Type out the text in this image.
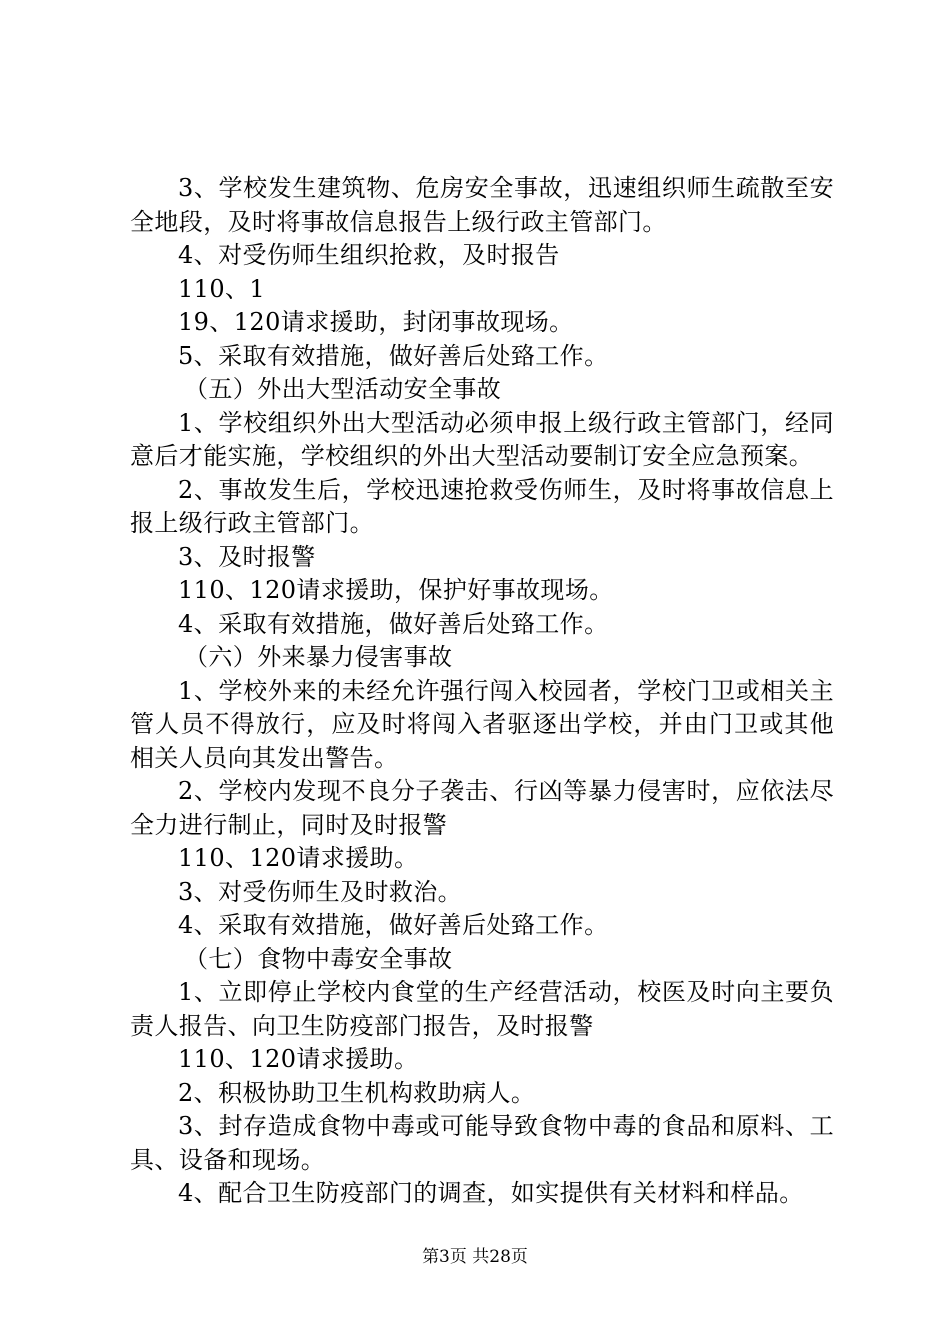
3、学校发生建筑物、危房安全事故，迅速组织师生疏散至安全地段，及时将事故信息报告上级行政主管部门。

4、对受伤师生组织抢救，及时报告

110、1

19、120请求援助，封闭事故现场。

5、采取有效措施，做好善后处臵工作。

（五）外出大型活动安全事故

1、学校组织外出大型活动必须申报上级行政主管部门，经同意后才能实施，学校组织的外出大型活动要制订安全应急预案。

2、事故发生后，学校迅速抢救受伤师生，及时将事故信息上报上级行政主管部门。

3、及时报警

110、120请求援助，保护好事故现场。

4、采取有效措施，做好善后处臵工作。

（六）外来暴力侵害事故

1、学校外来的未经允许强行闯入校园者，学校门卫或相关主管人员不得放行，应及时将闯入者驱逐出学校，并由门卫或其他相关人员向其发出警告。

2、学校内发现不良分子袭击、行凶等暴力侵害时，应依法尽全力进行制止，同时及时报警

110、120请求援助。

3、对受伤师生及时救治。

4、采取有效措施，做好善后处臵工作。

（七）食物中毒安全事故

1、立即停止学校内食堂的生产经营活动，校医及时向主要负责人报告、向卫生防疫部门报告，及时报警

110、120请求援助。

2、积极协助卫生机构救助病人。

3、封存造成食物中毒或可能导致食物中毒的食品和原料、工具、设备和现场。

4、配合卫生防疫部门的调查，如实提供有关材料和样品。

第3页 共28页
